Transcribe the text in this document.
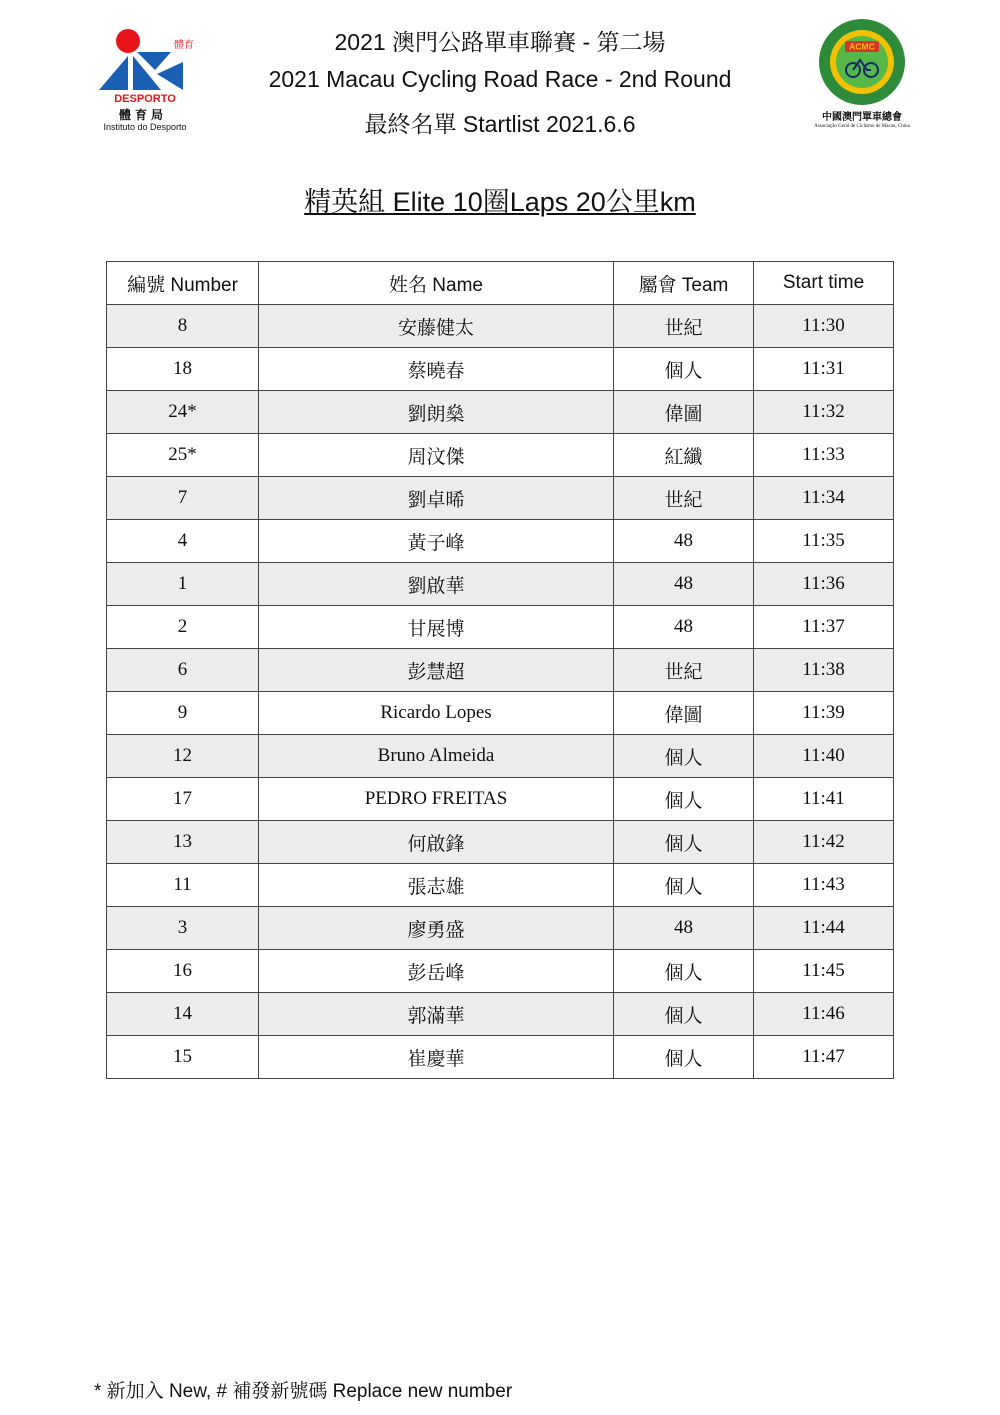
體育
DESPORTO
體育局
Instituto do Desporto
2021 澳門公路單車聯賽 - 第二場
2021 Macau Cycling Road Race - 2nd Round
最終名單 Startlist 2021.6.6
ACMC
中國澳門單車總會
Associação Geral de Ciclismo de Macau, China
精英組 Elite 10圈Laps 20公里km
編號 Number	姓名 Name	屬會 Team	Start time
8	安藤健太	世紀	11:30
18	蔡曉春	個人	11:31
24*	劉朗燊	偉圖	11:32
25*	周汶傑	紅纖	11:33
7	劉卓晞	世紀	11:34
4	黃子峰	48	11:35
1	劉啟華	48	11:36
2	甘展博	48	11:37
6	彭慧超	世紀	11:38
9	Ricardo Lopes	偉圖	11:39
12	Bruno Almeida	個人	11:40
17	PEDRO FREITAS	個人	11:41
13	何啟鋒	個人	11:42
11	張志雄	個人	11:43
3	廖勇盛	48	11:44
16	彭岳峰	個人	11:45
14	郭滿華	個人	11:46
15	崔慶華	個人	11:47
* 新加入 New, # 補發新號碼 Replace new number
